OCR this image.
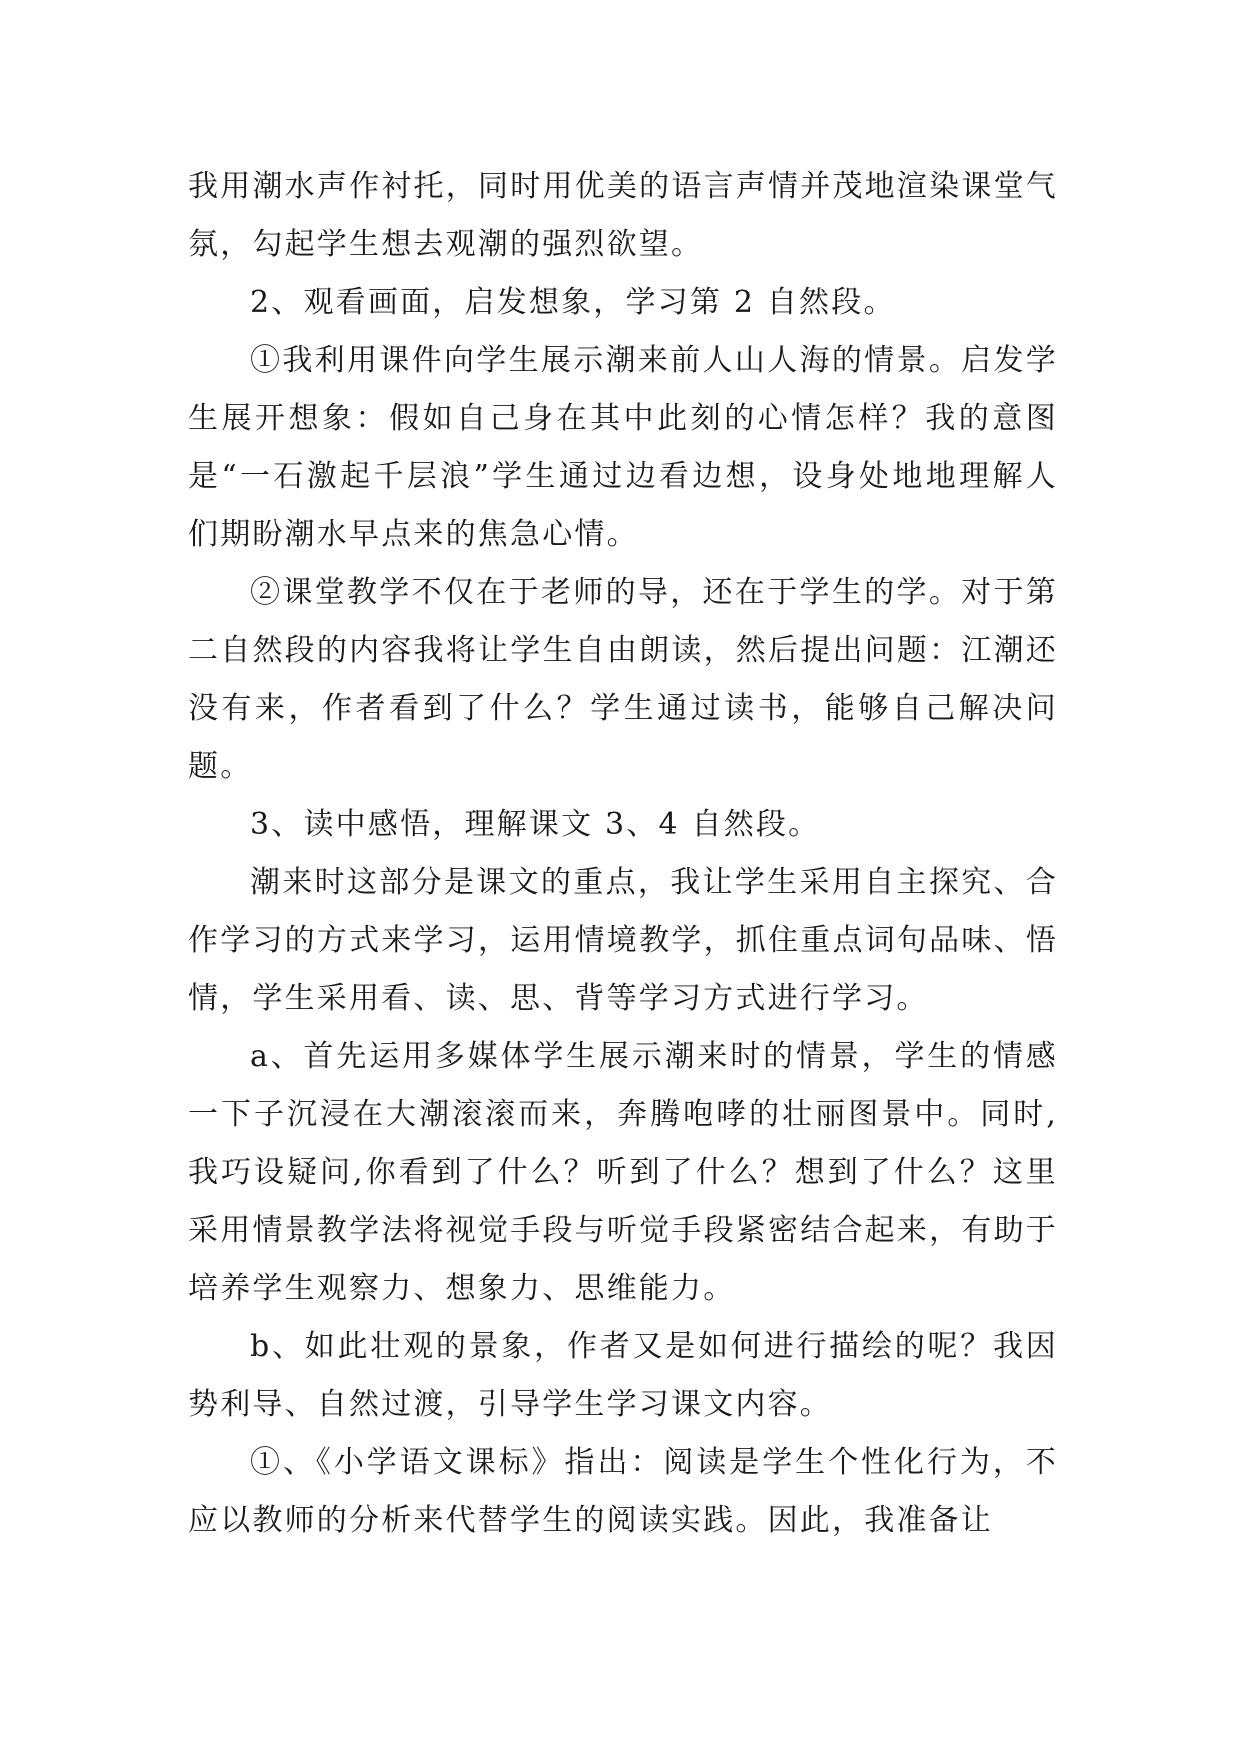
我用潮水声作衬托，同时用优美的语言声情并茂地渲染课堂气氛，勾起学生想去观潮的强烈欲望。

2、观看画面，启发想象，学习第 2 自然段。

①我利用课件向学生展示潮来前人山人海的情景。启发学生展开想象：假如自己身在其中此刻的心情怎样？我的意图是“一石激起千层浪”学生通过边看边想，设身处地地理解人们期盼潮水早点来的焦急心情。

②课堂教学不仅在于老师的导，还在于学生的学。对于第二自然段的内容我将让学生自由朗读，然后提出问题：江潮还没有来，作者看到了什么？学生通过读书，能够自己解决问题。

3、读中感悟，理解课文 3、4 自然段。

潮来时这部分是课文的重点，我让学生采用自主探究、合作学习的方式来学习，运用情境教学，抓住重点词句品味、悟情，学生采用看、读、思、背等学习方式进行学习。

a、首先运用多媒体学生展示潮来时的情景，学生的情感一下子沉浸在大潮滚滚而来，奔腾咆哮的壮丽图景中。同时,我巧设疑问,你看到了什么？听到了什么？想到了什么？这里采用情景教学法将视觉手段与听觉手段紧密结合起来，有助于培养学生观察力、想象力、思维能力。

b、如此壮观的景象，作者又是如何进行描绘的呢？我因势利导、自然过渡，引导学生学习课文内容。

①、《小学语文课标》指出：阅读是学生个性化行为，不应以教师的分析来代替学生的阅读实践。因此，我准备让
